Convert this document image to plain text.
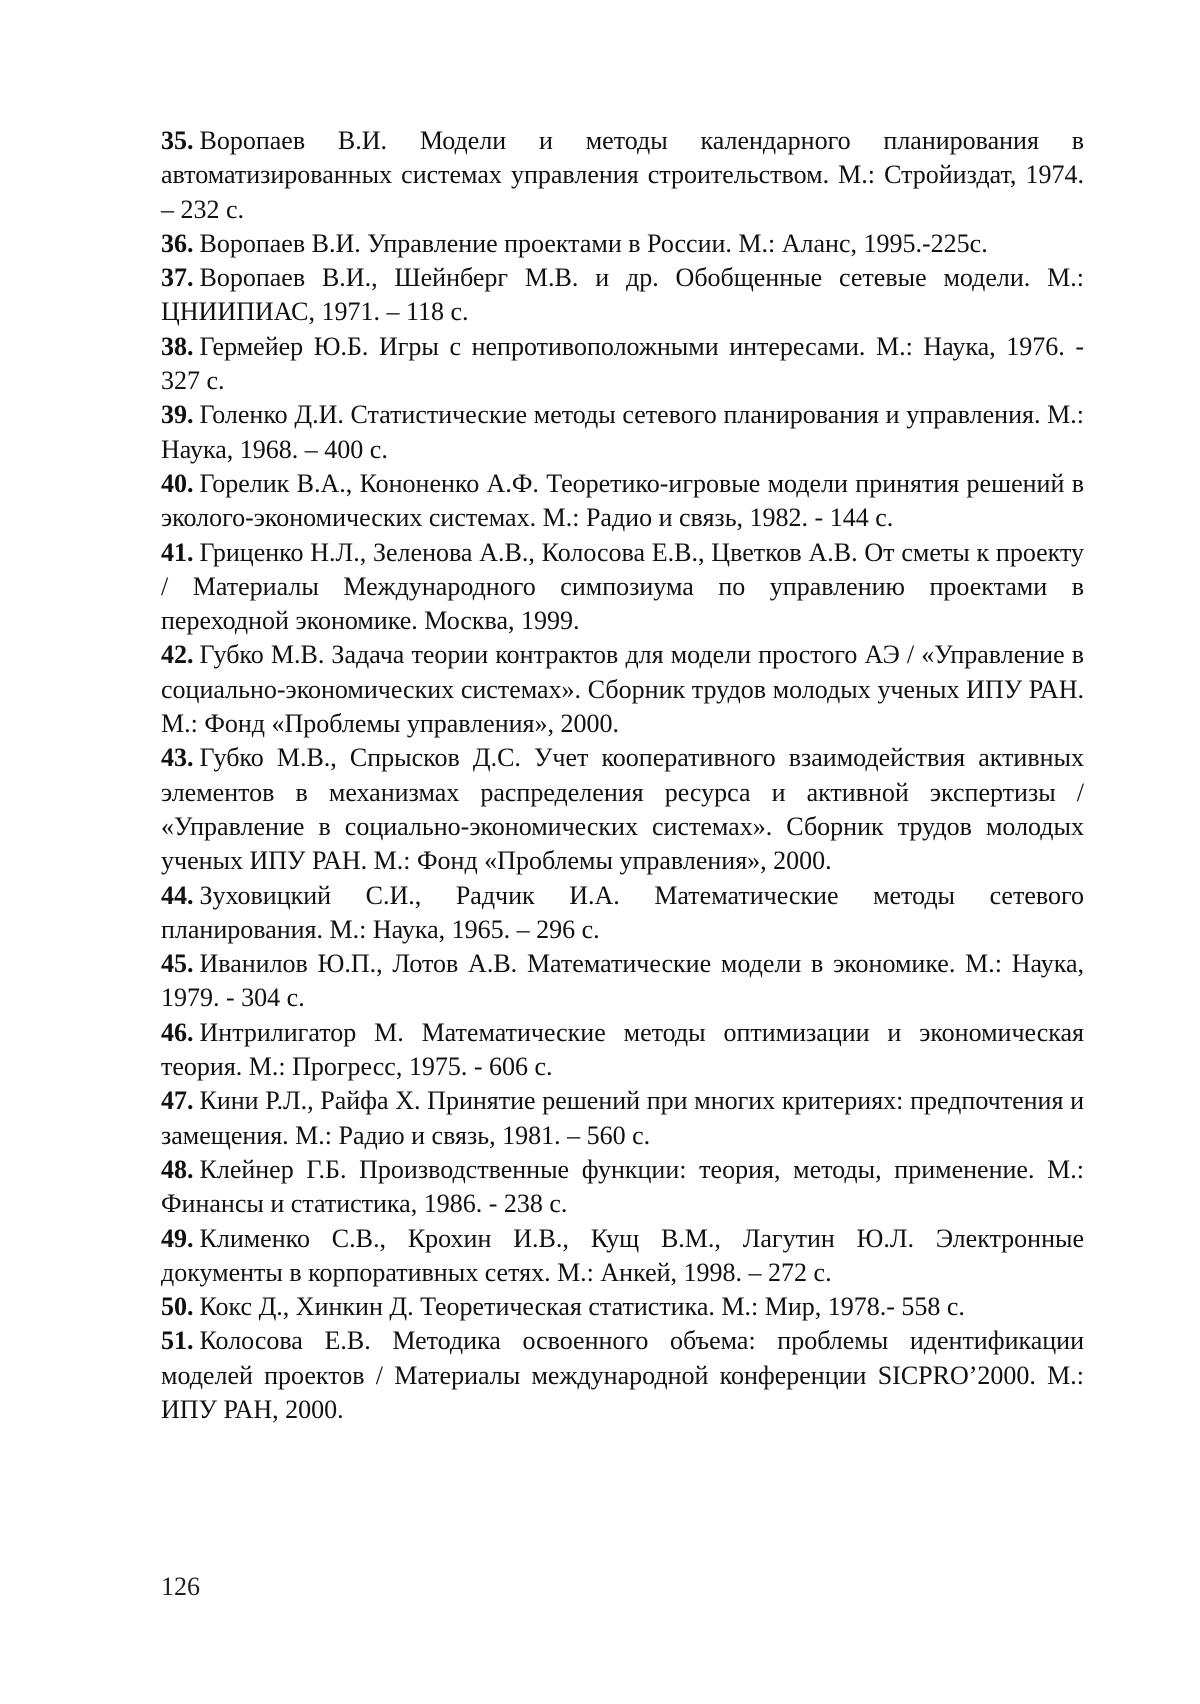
35. Воропаев В.И. Модели и методы календарного планирования в автоматизированных системах управления строительством. М.: Стройиздат, 1974. – 232 с.

36. Воропаев В.И. Управление проектами в России. М.: Аланс, 1995.-225с.

37. Воропаев В.И., Шейнберг М.В. и др. Обобщенные сетевые модели. М.: ЦНИИПИАС, 1971. – 118 с.

38. Гермейер Ю.Б. Игры с непротивоположными интересами. М.: Наука, 1976. - 327 с.

39. Голенко Д.И. Статистические методы сетевого планирования и управления. М.: Наука, 1968. – 400 с.

40. Горелик В.А., Кононенко А.Ф. Теоретико-игровые модели принятия решений в эколого-экономических системах. М.: Радио и связь, 1982. - 144 с.

41. Гриценко Н.Л., Зеленова А.В., Колосова Е.В., Цветков А.В. От сметы к проекту / Материалы Международного симпозиума по управлению проектами в переходной экономике. Москва, 1999.

42. Губко М.В. Задача теории контрактов для модели простого АЭ / «Управление в социально-экономических системах». Сборник трудов молодых ученых ИПУ РАН. М.: Фонд «Проблемы управления», 2000.

43. Губко М.В., Спрысков Д.С. Учет кооперативного взаимодействия активных элементов в механизмах распределения ресурса и активной экспертизы / «Управление в социально-экономических системах». Сборник трудов молодых ученых ИПУ РАН. М.: Фонд «Проблемы управления», 2000.

44. Зуховицкий С.И., Радчик И.А. Математические методы сетевого планирования. М.: Наука, 1965. – 296 с.

45. Иванилов Ю.П., Лотов А.В. Математические модели в экономике. М.: Наука, 1979. - 304 с.

46. Интрилигатор М. Математические методы оптимизации и экономическая теория. М.: Прогресс, 1975. - 606 с.

47. Кини Р.Л., Райфа Х. Принятие решений при многих критериях: предпочтения и замещения. М.: Радио и связь, 1981. – 560 с.

48. Клейнер Г.Б. Производственные функции: теория, методы, применение. М.: Финансы и статистика, 1986. - 238 с.

49. Клименко С.В., Крохин И.В., Кущ В.М., Лагутин Ю.Л. Электронные документы в корпоративных сетях. М.: Анкей, 1998. – 272 с.

50. Кокс Д., Хинкин Д. Теоретическая статистика. М.: Мир, 1978.- 558 с.

51. Колосова Е.В. Методика освоенного объема: проблемы идентификации моделей проектов / Материалы международной конференции SICPRO’2000. М.: ИПУ РАН, 2000.

126
